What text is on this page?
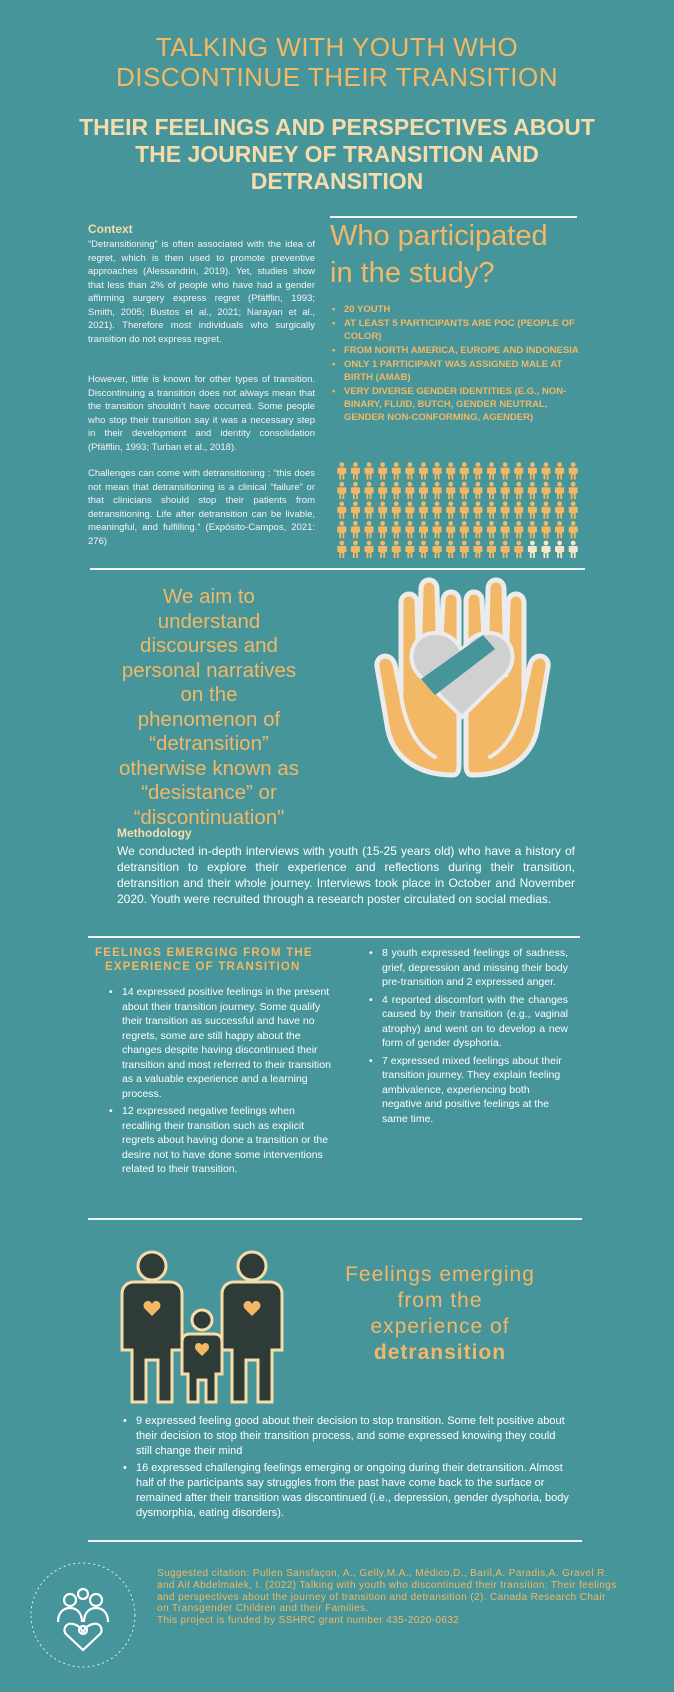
TALKING WITH YOUTH WHO
DISCONTINUE THEIR TRANSITION
THEIR FEELINGS AND PERSPECTIVES ABOUT
THE JOURNEY OF TRANSITION AND
DETRANSITION
Context
“Detransitioning” is often associated with the idea of regret, which is then used to promote preventive approaches (Alessandrin, 2019). Yet, studies show that less than 2% of people who have had a gender affirming surgery express regret (Pfäfflin, 1993; Smith, 2005; Bustos et al., 2021; Narayan et al., 2021). Therefore most individuals who surgically transition do not express regret.
However, little is known for other types of transition. Discontinuing a transition does not always mean that the transition shouldn’t have occurred. Some people who stop their transition say it was a necessary step in their development and identity consolidation (Pfäfflin, 1993; Turban et al., 2018).
Challenges can come with detransitioning : “this does not mean that detransitioning is a clinical “failure” or that clinicians should stop their patients from detransitioning. Life after detransition can be livable, meaningful, and fulfilling.” (Expósito-Campos, 2021: 276)
Who participated
in the study?
• 20 YOUTH
• AT LEAST 5 PARTICIPANTS ARE POC (PEOPLE OF COLOR)
• FROM NORTH AMERICA, EUROPE AND INDONESIA
• ONLY 1 PARTICIPANT WAS ASSIGNED MALE AT BIRTH (AMAB)
• VERY DIVERSE GENDER IDENTITIES (E.G., NON-BINARY, FLUID, BUTCH, GENDER NEUTRAL, GENDER NON-CONFORMING, AGENDER)
We aim to
understand
discourses and
personal narratives
on the
phenomenon of
“detransition”
otherwise known as
“desistance” or
“discontinuation"
Methodology
We conducted in-depth interviews with youth (15-25 years old) who have a history of detransition to explore their experience and reflections during their transition, detransition and their whole journey. Interviews took place in October and November 2020. Youth were recruited through a research poster circulated on social medias.
FEELINGS EMERGING FROM THE
EXPERIENCE OF TRANSITION
• 14 expressed positive feelings in the present about their transition journey. Some qualify their transition as successful and have no regrets, some are still happy about the changes despite having discontinued their transition and most referred to their transition as a valuable experience and a learning process.
• 12 expressed negative feelings when recalling their transition such as explicit regrets about having done a transition or the desire not to have done some interventions related to their transition.
• 8 youth expressed feelings of sadness, grief, depression and missing their body pre-transition and 2 expressed anger.
• 4 reported discomfort with the changes caused by their transition (e.g., vaginal atrophy) and went on to develop a new form of gender dysphoria.
• 7 expressed mixed feelings about their transition journey. They explain feeling ambivalence, experiencing both negative and positive feelings at the same time.
Feelings emerging
from the
experience of
detransition
• 9 expressed feeling good about their decision to stop transition. Some felt positive about their decision to stop their transition process, and some expressed knowing they could still change their mind
• 16 expressed challenging feelings emerging or ongoing during their detransition. Almost half of the participants say struggles from the past have come back to the surface or remained after their transition was discontinued (i.e., depression, gender dysphoria, body dysmorphia, eating disorders).
Suggested citation: Pullen Sansfaçon, A., Gelly,M.A., Médico,D., Baril,A. Paradis,A. Gravel R. and Ait Abdelmalek, I. (2022) Talking with youth who discontinued their transition: Their feelings and perspectives about the journey of transition and detransition (2). Canada Research Chair on Transgender Children and their Families.
This project is funded by SSHRC grant number 435-2020-0632
